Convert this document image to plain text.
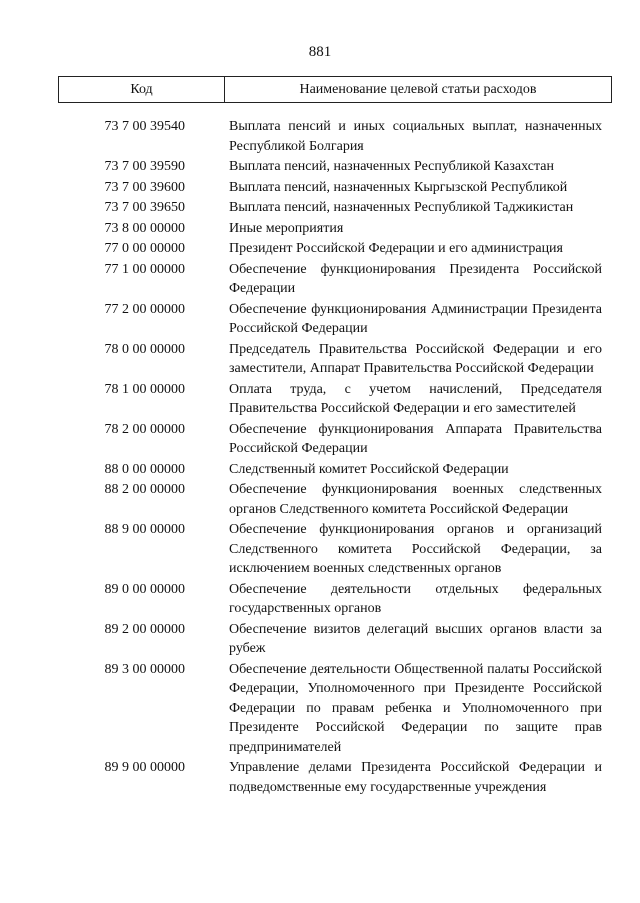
881
Код	Наименование целевой статьи расходов
73 7 00 39540	Выплата пенсий и иных социальных выплат, назначенных Республикой Болгария
73 7 00 39590	Выплата пенсий, назначенных Республикой Казахстан
73 7 00 39600	Выплата пенсий, назначенных Кыргызской Республикой
73 7 00 39650	Выплата пенсий, назначенных Республикой Таджикистан
73 8 00 00000	Иные мероприятия
77 0 00 00000	Президент Российской Федерации и его администрация
77 1 00 00000	Обеспечение функционирования Президента Российской Федерации
77 2 00 00000	Обеспечение функционирования Администрации Президента Российской Федерации
78 0 00 00000	Председатель Правительства Российской Федерации и его заместители, Аппарат Правительства Российской Федерации
78 1 00 00000	Оплата труда, с учетом начислений, Председателя Правительства Российской Федерации и его заместителей
78 2 00 00000	Обеспечение функционирования Аппарата Правительства Российской Федерации
88 0 00 00000	Следственный комитет Российской Федерации
88 2 00 00000	Обеспечение функционирования военных следственных органов Следственного комитета Российской Федерации
88 9 00 00000	Обеспечение функционирования органов и организаций Следственного комитета Российской Федерации, за исключением военных следственных органов
89 0 00 00000	Обеспечение деятельности отдельных федеральных государственных органов
89 2 00 00000	Обеспечение визитов делегаций высших органов власти за рубеж
89 3 00 00000	Обеспечение деятельности Общественной палаты Российской Федерации, Уполномоченного при Президенте Российской Федерации по правам ребенка и Уполномоченного при Президенте Российской Федерации по защите прав предпринимателей
89 9 00 00000	Управление делами Президента Российской Федерации и подведомственные ему государственные учреждения
